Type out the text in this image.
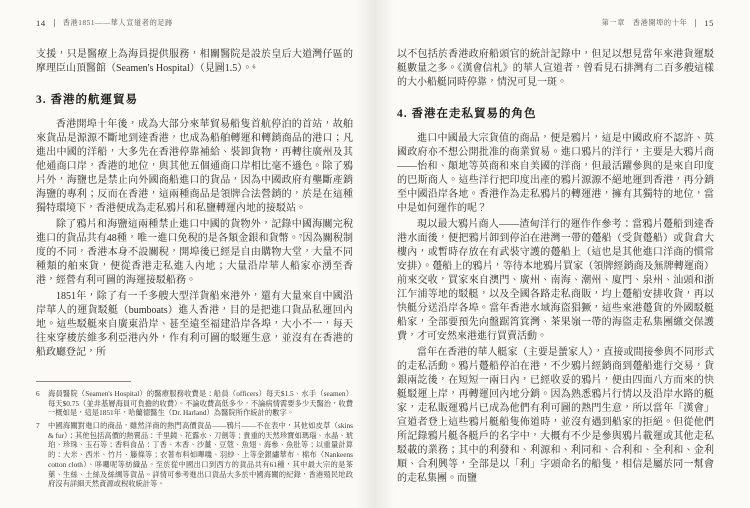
14 香港1851——華人宣道者的足跡

支援，只是醫療上為海員提供服務，相關醫院是設於皇后大道灣仔區的摩理臣山頂醫館（Seamen's Hospital）（見圖1.5）。⁶

3. 香港的航運貿易

香港開埠十年後，成為大部分來華貿易船隻首航停泊的首站，故舶來貨品是源源不斷地到達香港，也成為船舶轉運和轉銷商品的港口；凡進出中國的洋船，大多先在香港停靠補給、裝卸貨物，再轉往廣州及其他通商口岸，香港的地位，與其他五個通商口岸相比毫不遜色。除了鴉片外，海鹽也是禁止向外國商船進口的貨品，因為中國政府有壟斷產銷海鹽的專利；反而在香港，這兩種商品是領牌合法營銷的，於是在這種獨特環境下，香港便成為走私鴉片和私鹽轉運內地的接駁站。

除了鴉片和海鹽這兩種禁止進口中國的貨物外，記錄中國海關完稅進口的貨品共有48種，唯一進口免稅的是各類金銀和貨幣。⁷因為關稅制度的不同，香港本身不設關稅，開埠後已經是自由購物大堂，大量不同種類的舶來貨，便從香港走私進入內地；大量沿岸華人船家亦湧至香港，經營有利可圖的海運接駁船務。

1851年，除了有一千多艘大型洋貨船來港外，還有大量來自中國沿岸華人的運貨駁艇（bumboats）進入香港，目的是把進口貨品私運回內地。這些駁艇來自廣東沿岸、甚至遠至福建沿岸各埠，大小不一，每天往來穿梭於維多利亞港內外，作有利可圖的駁運生意，並沒有在香港的船政廳登記，所

6	海員醫院（Seamen's Hospital）的醫療服務收費是：船員（officers）每天$1.5、水手（seamen）每天$0.75（並非基層海員可負擔的收費）。不論收費高低多少，不論病情需要多少天醫治，收費一概如是，這是1851年，哈蘭德醫生（Dr. Harland）為醫院所作統計的數字。
7	中國海關對進口的商品，雖然洋商的熱門高價貨品——鴉片——不在表中，其他如皮草（skins & fur）；其他包括高價的熱賣品：千里鏡、花露水、刀劍等；貴重的天然珍寶如瑪瑙、水晶、琥珀、珍珠、玉石等；香料食品：丁香、木香、沙薑、豆蔻、魚翅、海參、魚肚等；以重量計算的：大米、西米、竹片、籐條等；衣著布料如嗶嘰、羽紗、上等金銀繡華布、棉布（Nankeens cotton cloth）、哆囉呢等紡織品。至於從中國出口到西方的貨品共有61種，其中最大宗的是茶葉、生絲、土絲及絲綢等貨品。詳情可參考進出口貨品大多於中國海關的紀錄，香港殖民地政府沒有詳細天然資源或稅收統計等。
第一章　香港開埠的十年 15

以不包括於香港政府船頭官的統計記錄中，但足以想見當年來港貨運駁艇數量之多。《漢會信札》的華人宣道者，曾看見石排灣有二百多艘這樣的大小船艇同時停靠，情況可見一斑。

4. 香港在走私貿易的角色

進口中國最大宗貨值的商品，便是鴉片，這是中國政府不認許、英國政府亦不想公開批准的商業貿易。進口鴉片的洋行，主要是大鴉片商——怡和、顛地等英商和來自美國的洋商，但最活躍參與的是來自印度的巴斯商人。這些洋行把印度出產的鴉片源源不絕地運到香港，再分銷至中國沿岸各地。香港作為走私鴉片的轉運港，擁有其獨特的地位，當中是如何運作的呢？

現以最大鴉片商人——渣甸洋行的運作作參考：當鴉片躉船到達香港水面後，便把鴉片卸到停泊在港灣一帶的躉船（受貨躉船）或貨倉大樓內，或暫時存放在有武裝守護的躉船上（這也是其他進口洋商的慣常安排）。躉船上的鴉片，等待本地鴉片買家（領牌經銷商及無牌轉運商）前來交收，買家來自澳門、廣州、南海、潮州、廈門、泉州、汕頭和浙江乍浦等地的駁艇，以及全國各路走私商販，均上躉船安排收貨，再以快艇分送沿岸各埠。當年香港水域海盜猖獗，這些來港躉貨的外國駁艇船家，全部要預先向盤踞筲箕灣、茶果嶺一帶的海盜走私集團繳交保護費，才可安然來港進行買賣活動。

當年在香港的華人艇家（主要是蜑家人），直接或間接參與不同形式的走私活動。鴉片躉船停泊在港，不少鴉片經銷商到躉船進行交易，貨銀兩訖後，在短短一兩日內，已經收妥的鴉片，便由四面八方而來的快艇駁運上岸，再轉運回內地分銷。因為熟悉鴉片行情以及沿岸水路的艇家，走私販運鴉片已成為他們有利可圖的熱門生意，所以當年「漢會」宣道者登上這些鴉片艇船隻佈道時，並沒有遇到船家的拒絕。但從他們所記錄鴉片艇各艇戶的名字中，大概有不少是參與鴉片載運或其他走私駁載的業務；其中的利發和、利源和、利同和、合利和、全利和、金利順、合利興等，全部是以「利」字頭命名的船隻，相信是屬於同一幫會的走私集團。而鹽
